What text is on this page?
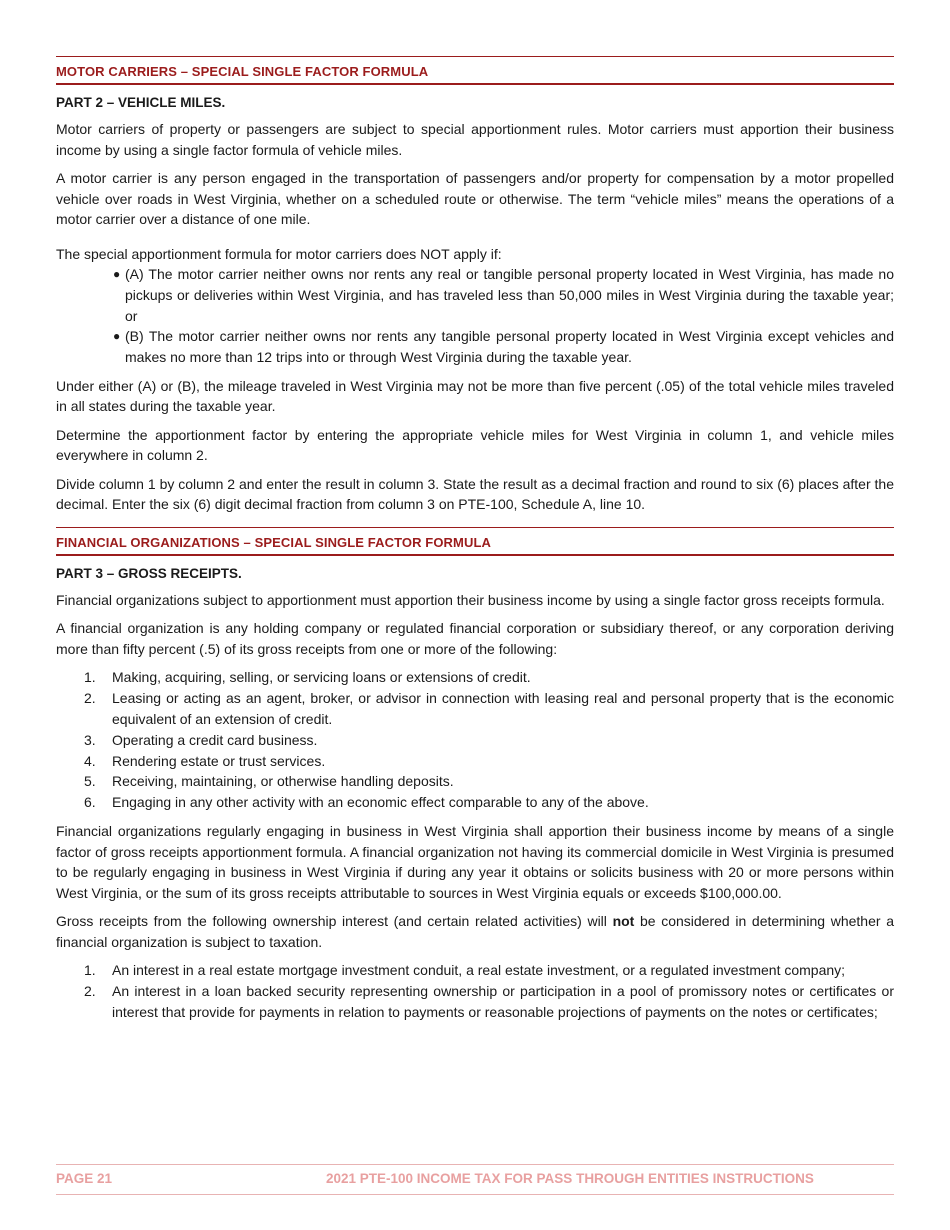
MOTOR CARRIERS – SPECIAL SINGLE FACTOR FORMULA
PART 2 – VEHICLE MILES.

Motor carriers of property or passengers are subject to special apportionment rules. Motor carriers must apportion their business income by using a single factor formula of vehicle miles.

A motor carrier is any person engaged in the transportation of passengers and/or property for compensation by a motor propelled vehicle over roads in West Virginia, whether on a scheduled route or otherwise. The term “vehicle miles” means the operations of a motor carrier over a distance of one mile.

The special apportionment formula for motor carriers does NOT apply if:

● (A) The motor carrier neither owns nor rents any real or tangible personal property located in West Virginia, has made no pickups or deliveries within West Virginia, and has traveled less than 50,000 miles in West Virginia during the taxable year; or
● (B) The motor carrier neither owns nor rents any tangible personal property located in West Virginia except vehicles and makes no more than 12 trips into or through West Virginia during the taxable year.

Under either (A) or (B), the mileage traveled in West Virginia may not be more than five percent (.05) of the total vehicle miles traveled in all states during the taxable year.

Determine the apportionment factor by entering the appropriate vehicle miles for West Virginia in column 1, and vehicle miles everywhere in column 2.

Divide column 1 by column 2 and enter the result in column 3. State the result as a decimal fraction and round to six (6) places after the decimal. Enter the six (6) digit decimal fraction from column 3 on PTE-100, Schedule A, line 10.

FINANCIAL ORGANIZATIONS – SPECIAL SINGLE FACTOR FORMULA
PART 3 – GROSS RECEIPTS.

Financial organizations subject to apportionment must apportion their business income by using a single factor gross receipts formula.

A financial organization is any holding company or regulated financial corporation or subsidiary thereof, or any corporation deriving more than fifty percent (.5) of its gross receipts from one or more of the following:

1. Making, acquiring, selling, or servicing loans or extensions of credit.
2. Leasing or acting as an agent, broker, or advisor in connection with leasing real and personal property that is the economic equivalent of an extension of credit.
3. Operating a credit card business.
4. Rendering estate or trust services.
5. Receiving, maintaining, or otherwise handling deposits.
6. Engaging in any other activity with an economic effect comparable to any of the above.

Financial organizations regularly engaging in business in West Virginia shall apportion their business income by means of a single factor of gross receipts apportionment formula. A financial organization not having its commercial domicile in West Virginia is presumed to be regularly engaging in business in West Virginia if during any year it obtains or solicits business with 20 or more persons within West Virginia, or the sum of its gross receipts attributable to sources in West Virginia equals or exceeds $100,000.00.

Gross receipts from the following ownership interest (and certain related activities) will not be considered in determining whether a financial organization is subject to taxation.

1. An interest in a real estate mortgage investment conduit, a real estate investment, or a regulated investment company;
2. An interest in a loan backed security representing ownership or participation in a pool of promissory notes or certificates or interest that provide for payments in relation to payments or reasonable projections of payments on the notes or certificates;
PAGE 21	2021 PTE-100 INCOME TAX FOR PASS THROUGH ENTITIES INSTRUCTIONS
